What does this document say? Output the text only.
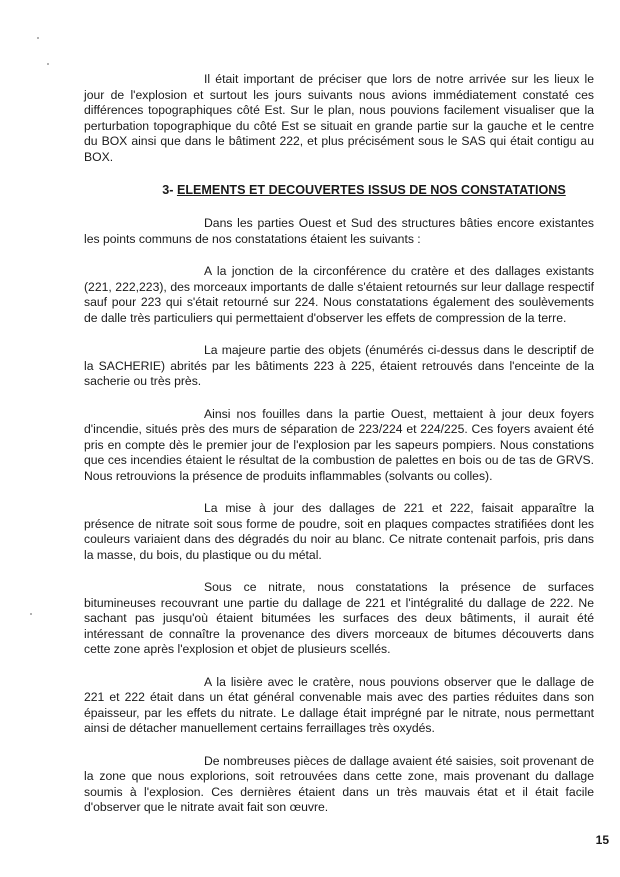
Il était important de préciser que lors de notre arrivée sur les lieux le jour de l'explosion et surtout les jours suivants nous avions immédiatement constaté ces différences topographiques côté Est. Sur le plan, nous pouvions facilement visualiser que la perturbation topographique du côté Est se situait en grande partie sur la gauche et le centre du BOX ainsi que dans le bâtiment 222, et plus précisément sous le SAS qui était contigu au BOX.

3- ELEMENTS ET DECOUVERTES ISSUS DE NOS CONSTATATIONS

Dans les parties Ouest et Sud des structures bâties encore existantes les points communs de nos constatations étaient les suivants :

A la jonction de la circonférence du cratère et des dallages existants (221, 222,223), des morceaux importants de dalle s'étaient retournés sur leur dallage respectif sauf pour 223 qui s'était retourné sur 224. Nous constatations également des soulèvements de dalle très particuliers qui permettaient d'observer les effets de compression de la terre.

La majeure partie des objets (énumérés ci-dessus dans le descriptif de la SACHERIE) abrités par les bâtiments 223 à 225, étaient retrouvés dans l'enceinte de la sacherie ou très près.

Ainsi nos fouilles dans la partie Ouest, mettaient à jour deux foyers d'incendie, situés près des murs de séparation de 223/224 et 224/225. Ces foyers avaient été pris en compte dès le premier jour de l'explosion par les sapeurs pompiers. Nous constations que ces incendies étaient le résultat de la combustion de palettes en bois ou de tas de GRVS. Nous retrouvions la présence de produits inflammables (solvants ou colles).

La mise à jour des dallages de 221 et 222, faisait apparaître la présence de nitrate soit sous forme de poudre, soit en plaques compactes stratifiées dont les couleurs variaient dans des dégradés du noir au blanc. Ce nitrate contenait parfois, pris dans la masse, du bois, du plastique ou du métal.

Sous ce nitrate, nous constatations la présence de surfaces bitumineuses recouvrant une partie du dallage de 221 et l'intégralité du dallage de 222. Ne sachant pas jusqu'où étaient bitumées les surfaces des deux bâtiments, il aurait été intéressant de connaître la provenance des divers morceaux de bitumes découverts dans cette zone après l'explosion et objet de plusieurs scellés.

A la lisière avec le cratère, nous pouvions observer que le dallage de 221 et 222 était dans un état général convenable mais avec des parties réduites dans son épaisseur, par les effets du nitrate. Le dallage était imprégné par le nitrate, nous permettant ainsi de détacher manuellement certains ferraillages très oxydés.

De nombreuses pièces de dallage avaient été saisies, soit provenant de la zone que nous explorions, soit retrouvées dans cette zone, mais provenant du dallage soumis à l'explosion. Ces dernières étaient dans un très mauvais état et il était facile d'observer que le nitrate avait fait son œuvre.

15
